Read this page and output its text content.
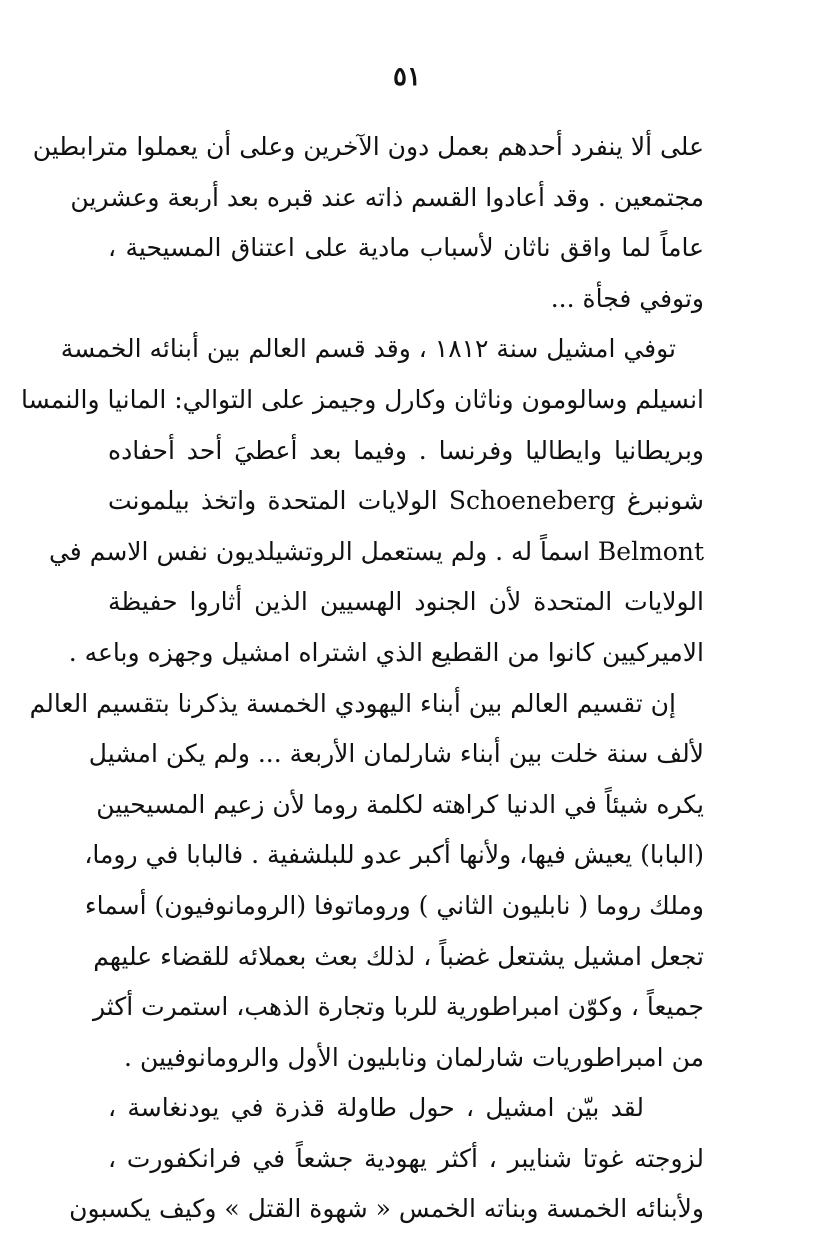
٥١
على ألا ينفرد أحدهم بعمل دون الآخرين وعلى أن يعملوا مترابطين
مجتمعين . وقد أعادوا القسم ذاته عند قبره بعد أربعة وعشرين
عاماً لما واقق ناثان لأسباب مادية على اعتناق المسيحية ،
وتوفي فجأة ...
توفي امشيل سنة ١٨١٢ ، وقد قسم العالم بين أبنائه الخمسة
انسيلم وسالومون وناثان وكارل وجيمز على التوالي: المانيا والنمسا
وبريطانيا وايطاليا وفرنسا . وفيما بعد أعطيَ أحد أحفاده
شونبرغ Schoeneberg الولايات المتحدة واتخذ بيلمونت
Belmont اسماً له . ولم يستعمل الروتشيلديون نفس الاسم في
الولايات المتحدة لأن الجنود الهسيين الذين أثاروا حفيظة
الاميركيين كانوا من القطيع الذي اشتراه امشيل وجهزه وباعه .
إن تقسيم العالم بين أبناء اليهودي الخمسة يذكرنا بتقسيم العالم
لألف سنة خلت بين أبناء شارلمان الأربعة ... ولم يكن امشيل
يكره شيئاً في الدنيا كراهته لكلمة روما لأن زعيم المسيحيين
(البابا) يعيش فيها، ولأنها أكبر عدو للبلشفية . فالبابا في روما،
وملك روما ( نابليون الثاني ) وروماتوفا (الرومانوفيون) أسماء
تجعل امشيل يشتعل غضباً ، لذلك بعث بعملائه للقضاء عليهم
جميعاً ، وكوّن امبراطورية للربا وتجارة الذهب، استمرت أكثر
من امبراطوريات شارلمان ونابليون الأول والرومانوفيين .
لقد بيّن امشيل ، حول طاولة قذرة في يودنغاسة ،
لزوجته غوتا شنايبر ، أكثر يهودية جشعاً في فرانكفورت ،
ولأبنائه الخمسة وبناته الخمس « شهوة القتل » وكيف يكسبون
